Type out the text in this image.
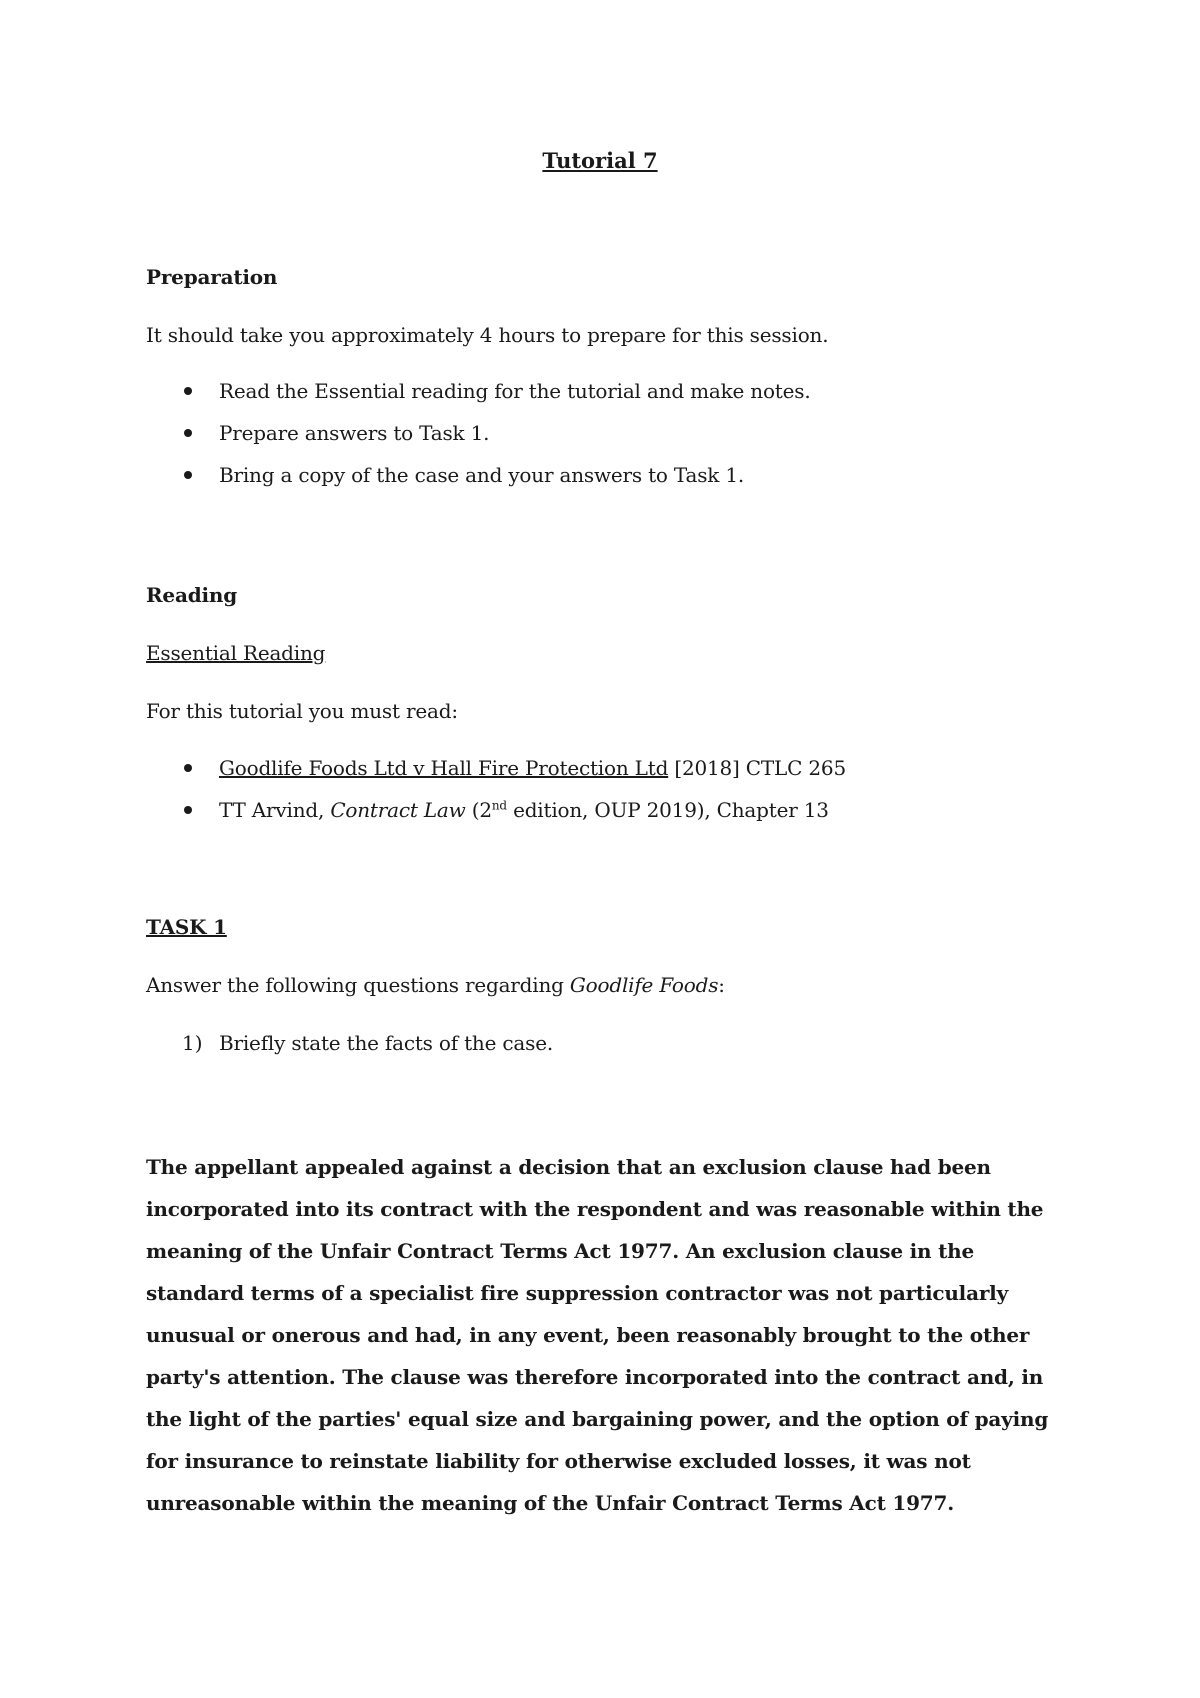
Tutorial 7
Preparation
It should take you approximately 4 hours to prepare for this session.
Read the Essential reading for the tutorial and make notes.
Prepare answers to Task 1.
Bring a copy of the case and your answers to Task 1.
Reading
Essential Reading
For this tutorial you must read:
Goodlife Foods Ltd v Hall Fire Protection Ltd [2018] CTLC 265
TT Arvind, Contract Law (2nd edition, OUP 2019), Chapter 13
TASK 1
Answer the following questions regarding Goodlife Foods:
1) Briefly state the facts of the case.
The appellant appealed against a decision that an exclusion clause had been incorporated into its contract with the respondent and was reasonable within the meaning of the Unfair Contract Terms Act 1977. An exclusion clause in the standard terms of a specialist fire suppression contractor was not particularly unusual or onerous and had, in any event, been reasonably brought to the other party's attention. The clause was therefore incorporated into the contract and, in the light of the parties' equal size and bargaining power, and the option of paying for insurance to reinstate liability for otherwise excluded losses, it was not unreasonable within the meaning of the Unfair Contract Terms Act 1977.
